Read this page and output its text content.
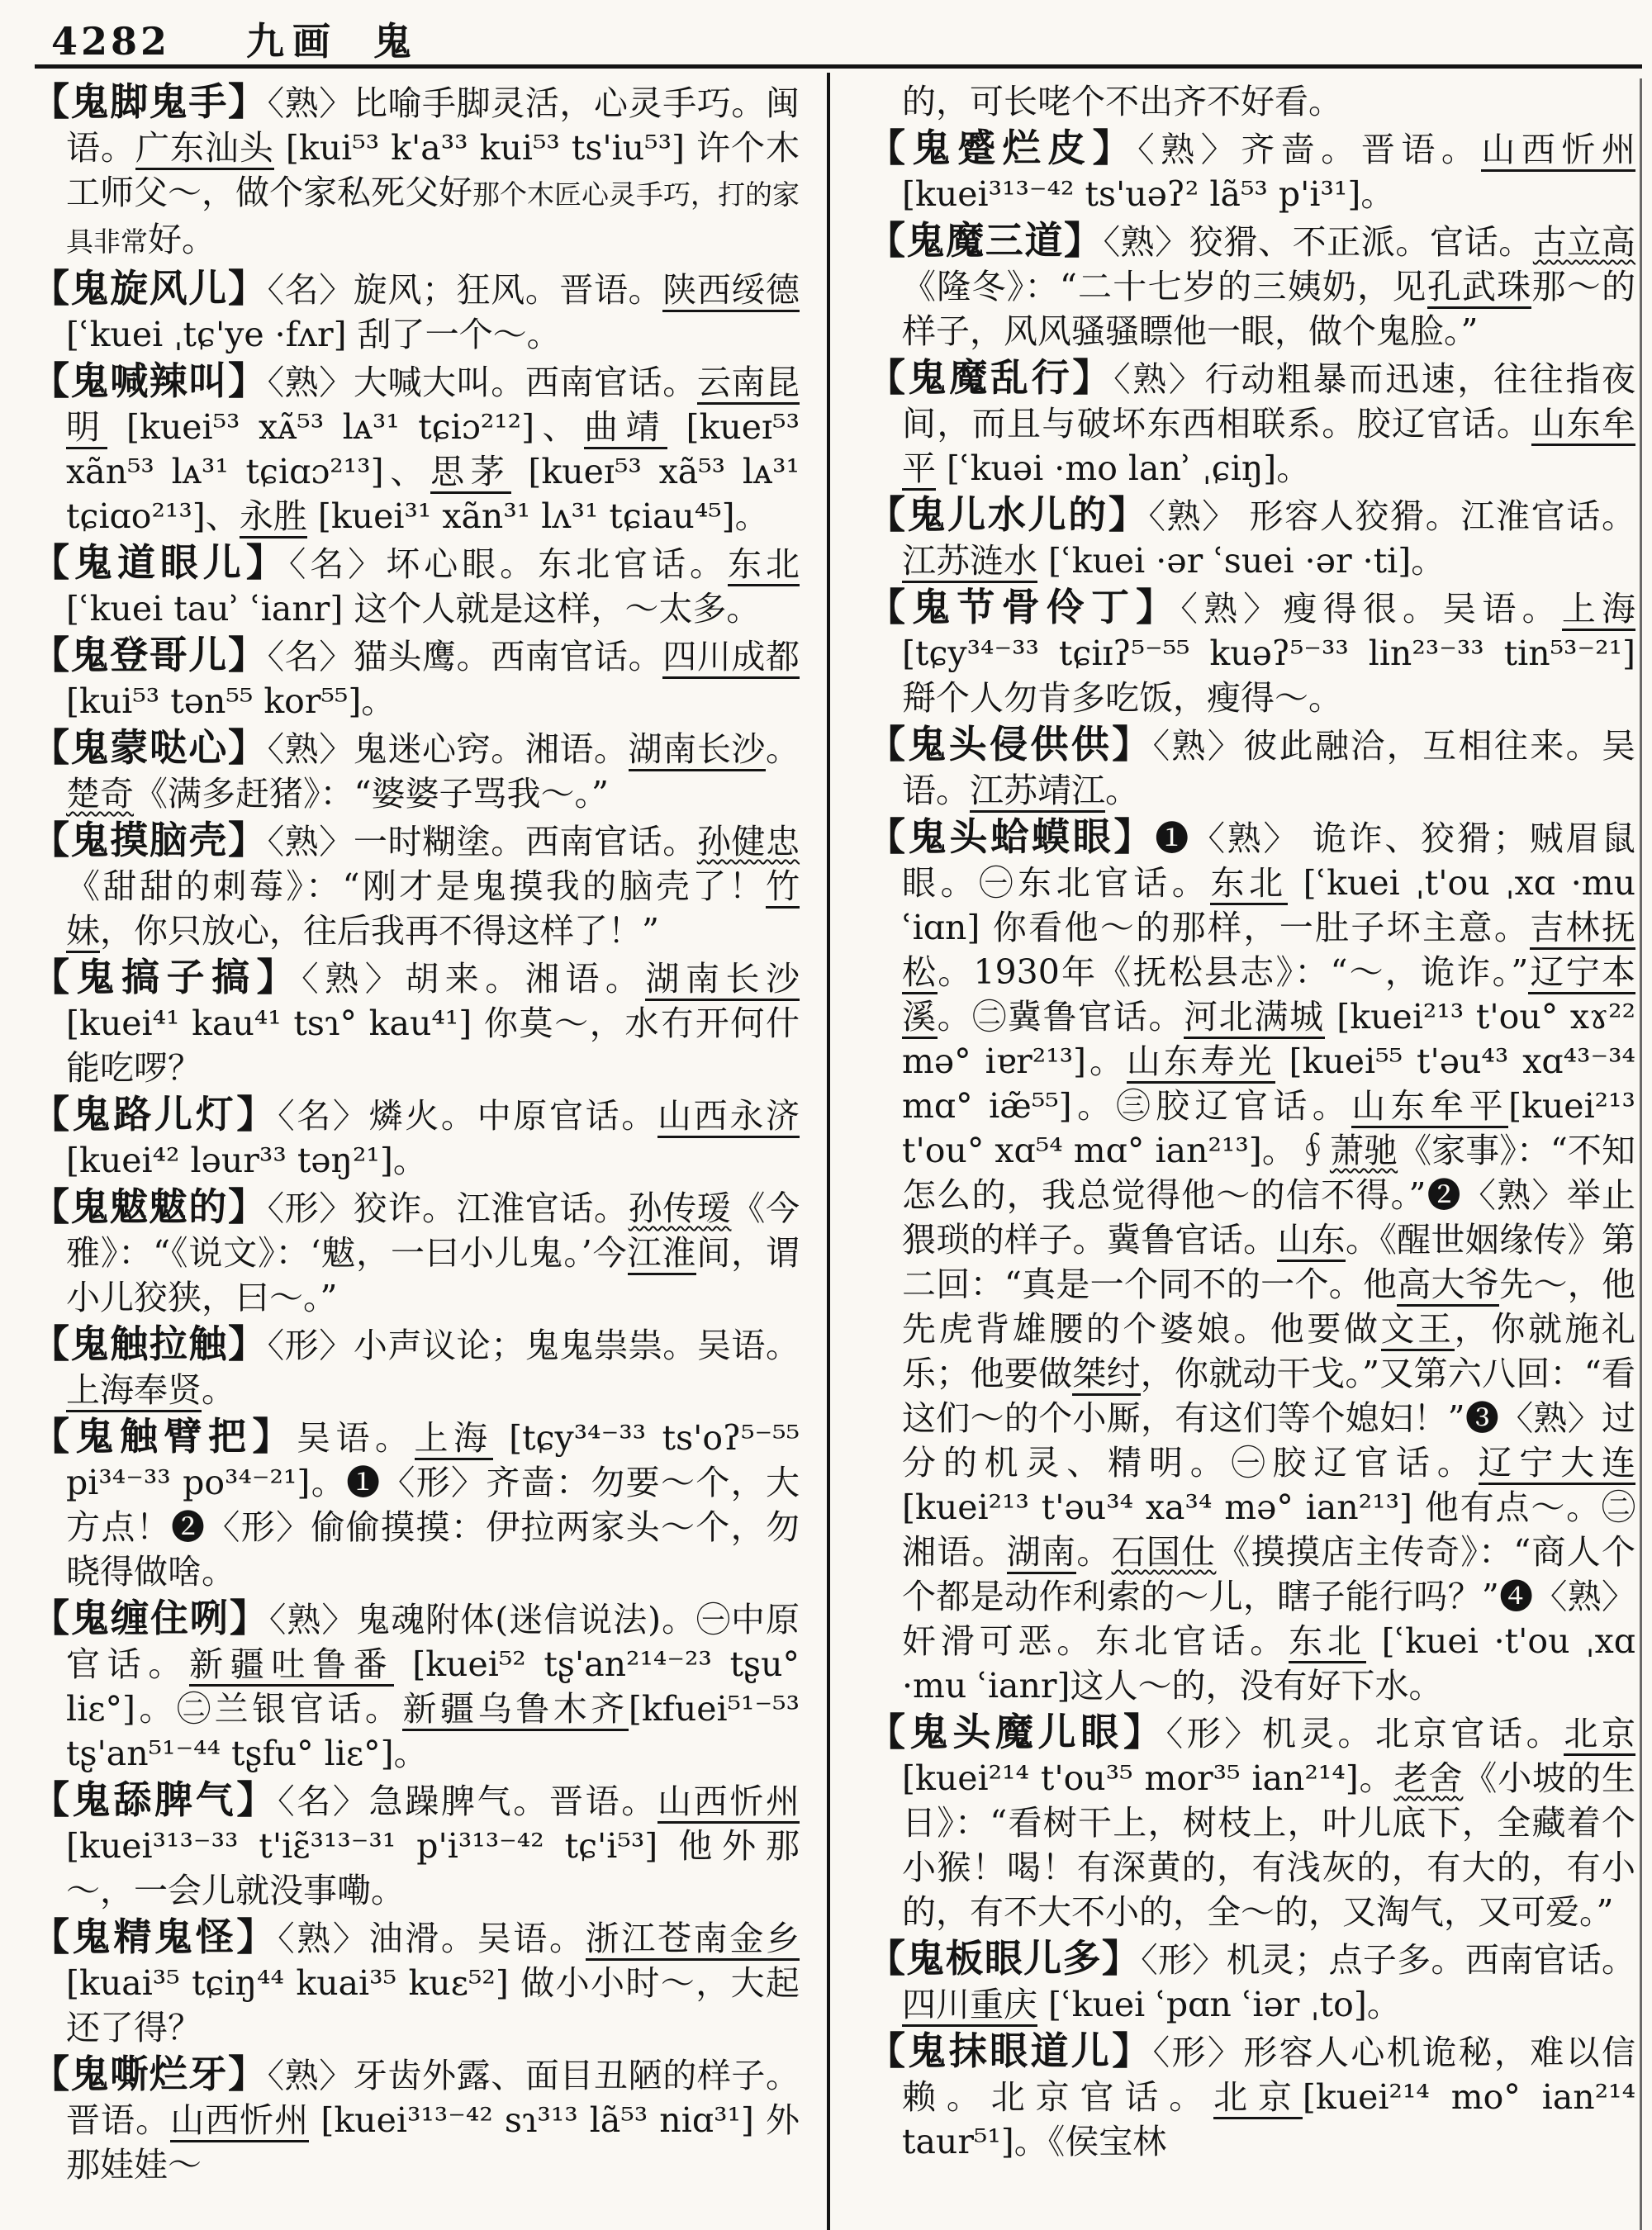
4282 九画 鬼

【鬼脚鬼手】〈熟〉比喻手脚灵活，心灵手巧。闽语。广东汕头 [kui⁵³ k'a³³ kui⁵³ ts'iu⁵³] 许个木工师父～，做个家私死父好那个木匠心灵手巧，打的家具非常好。

【鬼旋风儿】〈名〉旋风；狂风。晋语。陕西绥德 [ʿkuei ˌtɕ'ye ·fʌr] 刮了一个～。

【鬼喊辣叫】〈熟〉大喊大叫。西南官话。云南昆明 [kuei⁵³ xᴀ̃⁵³ lᴀ³¹ tɕiɔ²¹²]、曲靖 [kueɪ⁵³ xãn⁵³ lᴀ³¹ tɕiɑɔ²¹³]、思茅 [kueɪ⁵³ xã⁵³ lᴀ³¹ tɕiɑo²¹³]、永胜 [kuei³¹ xãn³¹ lʌ³¹ tɕiau⁴⁵]。

【鬼道眼儿】〈名〉坏心眼。东北官话。东北 [ʿkuei tauʾ ʿianr] 这个人就是这样，～太多。

【鬼登哥儿】〈名〉猫头鹰。西南官话。四川成都 [kui⁵³ tən⁵⁵ kor⁵⁵]。

【鬼蒙哒心】〈熟〉鬼迷心窍。湘语。湖南长沙。楚奇《满多赶猪》：“婆婆子骂我～。”

【鬼摸脑壳】〈熟〉一时糊塗。西南官话。孙健忠《甜甜的刺莓》：“刚才是鬼摸我的脑壳了！竹妹，你只放心，往后我再不得这样了！”

【鬼搞子搞】〈熟〉胡来。湘语。湖南长沙 [kuei⁴¹ kau⁴¹ tsɿ° kau⁴¹] 你莫～，水冇开何什能吃啰？

【鬼路儿灯】〈名〉燐火。中原官话。山西永济 [kuei⁴² ləur³³ təŋ²¹]。

【鬼魃魃的】〈形〉狡诈。江淮官话。孙传瑷《今雅》：“《说文》：‘魃，一曰小儿鬼。’今江淮间，谓小儿狡狭，曰～。”

【鬼触拉触】〈形〉小声议论；鬼鬼祟祟。吴语。上海奉贤。

【鬼触臂把】吴语。上海 [tɕy³⁴⁻³³ ts'oʔ⁵⁻⁵⁵ pi³⁴⁻³³ po³⁴⁻²¹]。❶〈形〉齐啬：勿要～个，大方点！❷〈形〉偷偷摸摸：伊拉两家头～个，勿晓得做啥。

【鬼缠住咧】〈熟〉鬼魂附体(迷信说法)。㊀中原官话。新疆吐鲁番 [kuei⁵² tʂ'an²¹⁴⁻²³ tʂu° liɛ°]。㊁兰银官话。新疆乌鲁木齐[kfuei⁵¹⁻⁵³ tʂ'an⁵¹⁻⁴⁴ tʂfu° liɛ°]。

【鬼舔脾气】〈名〉急躁脾气。晋语。山西忻州 [kuei³¹³⁻³³ t'iɛ̃³¹³⁻³¹ p'i³¹³⁻⁴² tɕ'i⁵³] 他外那～，一会儿就没事嘞。

【鬼精鬼怪】〈熟〉油滑。吴语。浙江苍南金乡 [kuai³⁵ tɕiŋ⁴⁴ kuai³⁵ kuɛ⁵²] 做小小时～，大起还了得？

【鬼嘶烂牙】〈熟〉牙齿外露、面目丑陋的样子。晋语。山西忻州 [kuei³¹³⁻⁴² sɿ³¹³ lã⁵³ niɑ³¹] 外那娃娃～

的，可长咾个不出齐不好看。

【鬼蹙烂皮】〈熟〉齐啬。晋语。山西忻州 [kuei³¹³⁻⁴² ts'uəʔ² lã⁵³ p'i³¹]。

【鬼魔三道】〈熟〉狡猾、不正派。官话。古立高《隆冬》：“二十七岁的三姨奶，见孔武珠那～的样子，风风骚骚瞟他一眼，做个鬼脸。”

【鬼魔乱行】〈熟〉行动粗暴而迅速，往往指夜间，而且与破坏东西相联系。胶辽官话。山东牟平 [ʿkuəi ·mo lanʾ ˌɕiŋ]。

【鬼儿水儿的】〈熟〉 形容人狡猾。江淮官话。江苏涟水 [ʿkuei ·ər ʿsuei ·ər ·ti]。

【鬼节骨伶丁】〈熟〉瘦得很。吴语。上海 [tɕy³⁴⁻³³ tɕiɪʔ⁵⁻⁵⁵ kuəʔ⁵⁻³³ lin²³⁻³³ tin⁵³⁻²¹] 搿个人勿肯多吃饭，瘦得～。

【鬼头侵供供】〈熟〉彼此融洽，互相往来。吴语。江苏靖江。

【鬼头蛤蟆眼】❶〈熟〉 诡诈、狡猾；贼眉鼠眼。㊀东北官话。东北 [ʿkuei ˌt'ou ˌxɑ ·mu ʿiɑn] 你看他～的那样，一肚子坏主意。吉林抚松。1930年《抚松县志》：“～，诡诈。”辽宁本溪。㊁冀鲁官话。河北满城 [kuei²¹³ t'ou° xɤ²² mə° iɐr²¹³]。山东寿光 [kuei⁵⁵ t'əu⁴³ xɑ⁴³⁻³⁴ mɑ° iæ̃⁵⁵]。㊂胶辽官话。山东牟平[kuei²¹³ t'ou° xɑ⁵⁴ mɑ° ian²¹³]。∮萧驰《家事》：“不知怎么的，我总觉得他～的信不得。”❷〈熟〉举止猥琐的样子。冀鲁官话。山东。《醒世姻缘传》第二回：“真是一个同不的一个。他高大爷先～，他先虎背雄腰的个婆娘。他要做文王，你就施礼乐；他要做桀纣，你就动干戈。”又第六八回：“看这们～的个小厮，有这们等个媳妇！”❸〈熟〉过分的机灵、精明。㊀胶辽官话。辽宁大连 [kuei²¹³ t'əu³⁴ xa³⁴ mə° ian²¹³] 他有点～。㊁湘语。湖南。石国仕《摸摸店主传奇》：“商人个个都是动作利索的～儿，瞎子能行吗？”❹〈熟〉奸滑可恶。东北官话。东北 [ʿkuei ·t'ou ˌxɑ ·mu ʿianr]这人～的，没有好下水。

【鬼头魔儿眼】〈形〉机灵。北京官话。北京[kuei²¹⁴ t'ou³⁵ mor³⁵ ian²¹⁴]。老舍《小坡的生日》：“看树干上，树枝上，叶儿底下，全藏着个小猴！喝！有深黄的，有浅灰的，有大的，有小的，有不大不小的，全～的，又淘气，又可爱。”

【鬼板眼儿多】〈形〉机灵；点子多。西南官话。四川重庆 [ʿkuei ʿpɑn ʿiər ˌto]。

【鬼抹眼道儿】〈形〉形容人心机诡秘，难以信赖。北京官话。北京[kuei²¹⁴ mo° ian²¹⁴ taur⁵¹]。《侯宝林
